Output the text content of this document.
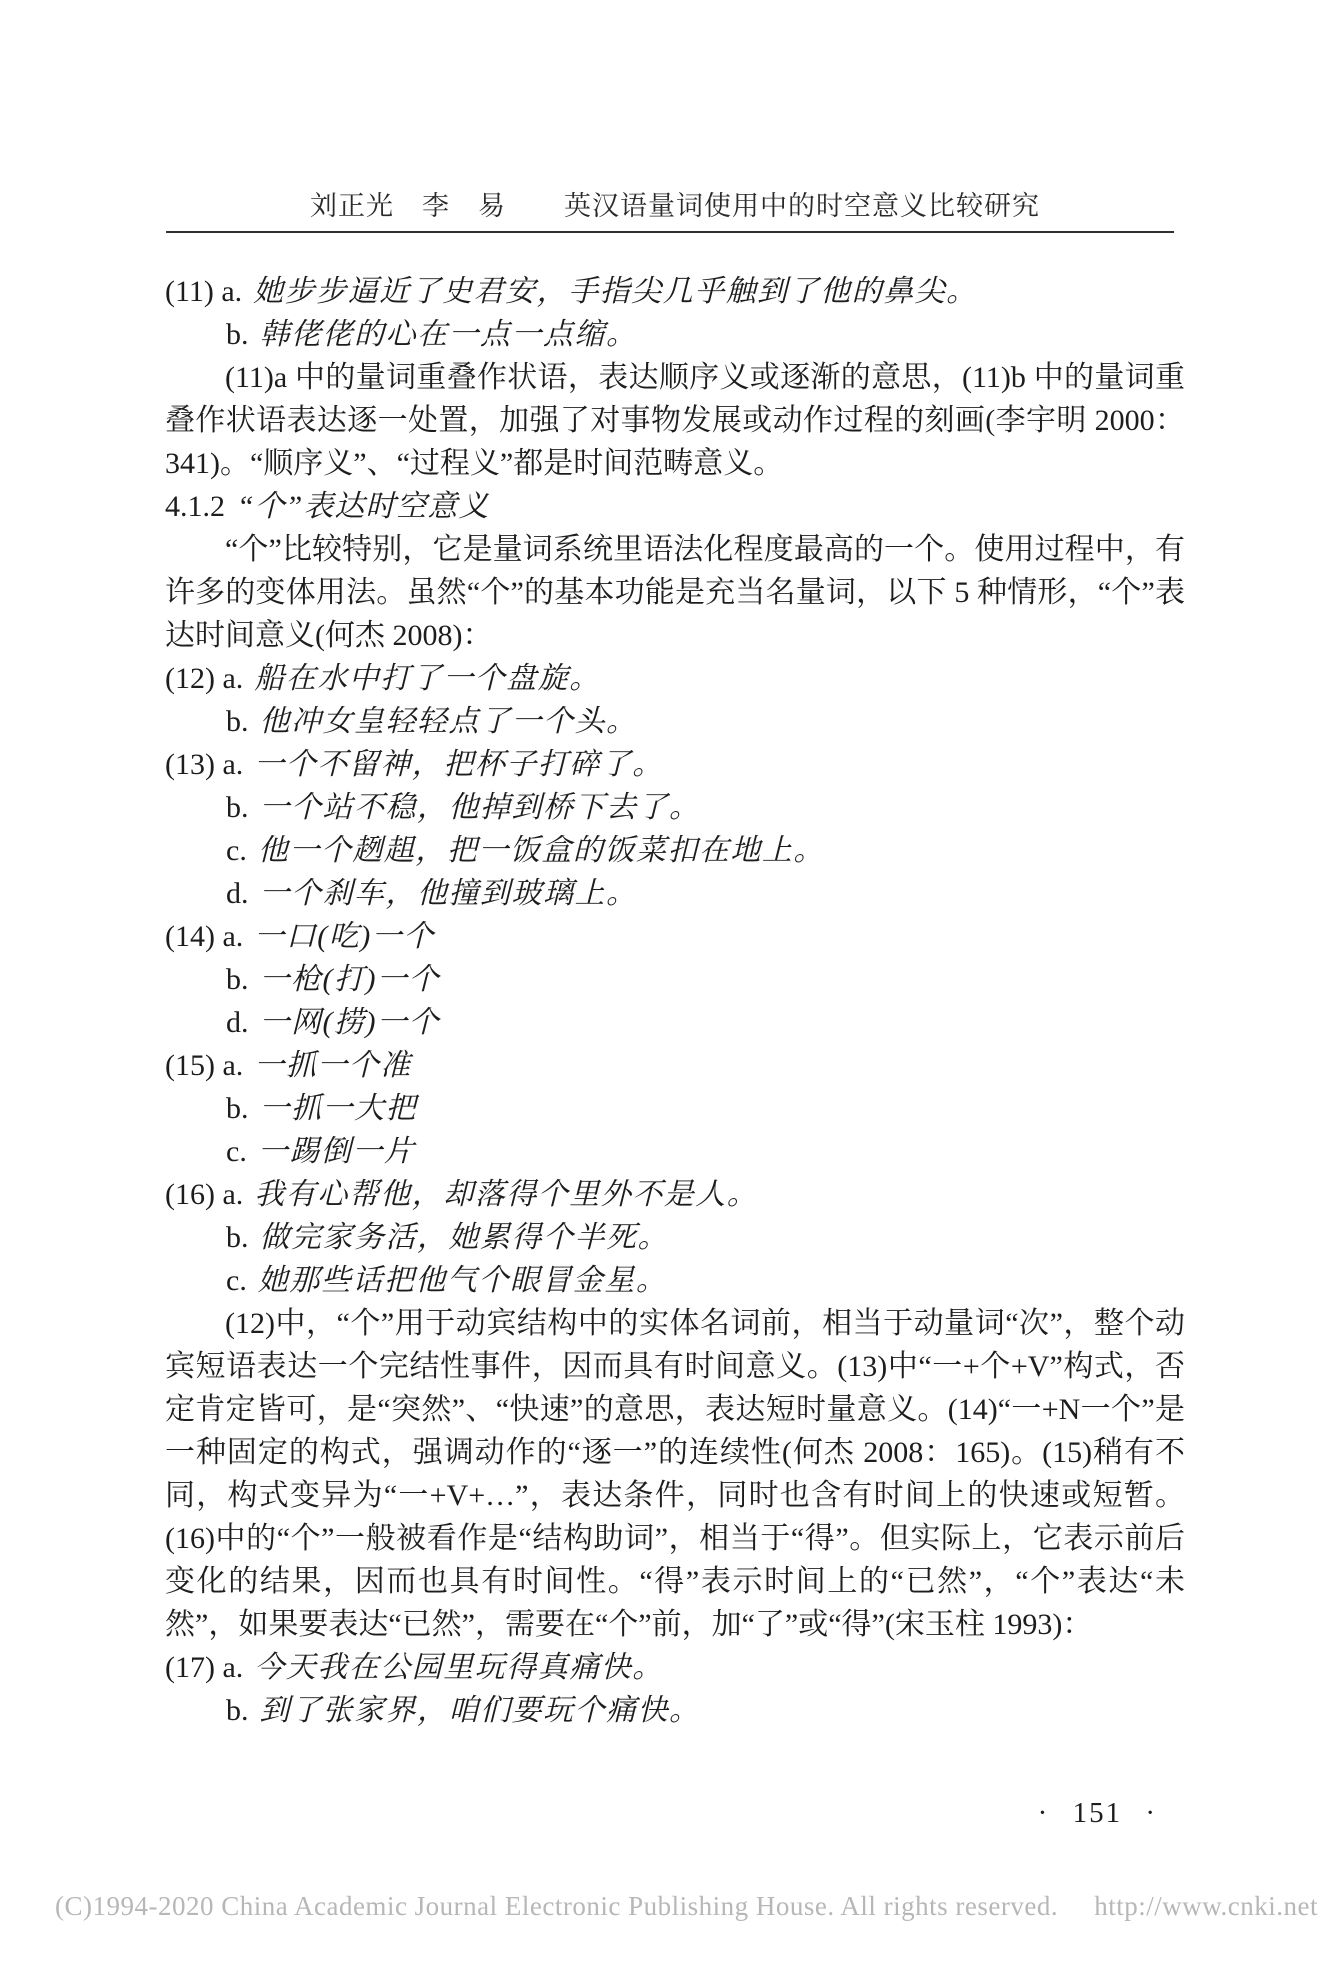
刘正光　李　易 英汉语量词使用中的时空意义比较研究
(11) a. 她步步逼近了史君安，手指尖几乎触到了他的鼻尖。
b. 韩佬佬的心在一点一点缩。

(11)a 中的量词重叠作状语，表达顺序义或逐渐的意思，(11)b 中的量词重叠作状语表达逐一处置，加强了对事物发展或动作过程的刻画(李宇明 2000：341)。“顺序义”、“过程义”都是时间范畴意义。

4.1.2 “个”表达时空意义

“个”比较特别，它是量词系统里语法化程度最高的一个。使用过程中，有许多的变体用法。虽然“个”的基本功能是充当名量词，以下 5 种情形，“个”表达时间意义(何杰 2008)：

(12) a. 船在水中打了一个盘旋。
b. 他冲女皇轻轻点了一个头。
(13) a. 一个不留神，把杯子打碎了。
b. 一个站不稳，他掉到桥下去了。
c. 他一个趔趄，把一饭盒的饭菜扣在地上。
d. 一个刹车，他撞到玻璃上。
(14) a. 一口(吃)一个
b. 一枪(打)一个
d. 一网(捞)一个
(15) a. 一抓一个准
b. 一抓一大把
c. 一踢倒一片
(16) a. 我有心帮他，却落得个里外不是人。
b. 做完家务活，她累得个半死。
c. 她那些话把他气个眼冒金星。

(12)中，“个”用于动宾结构中的实体名词前，相当于动量词“次”，整个动宾短语表达一个完结性事件，因而具有时间意义。(13)中“一+个+V”构式，否定肯定皆可，是“突然”、“快速”的意思，表达短时量意义。(14)“一+N一个”是一种固定的构式，强调动作的“逐一”的连续性(何杰 2008：165)。(15)稍有不同，构式变异为“一+V+…”，表达条件，同时也含有时间上的快速或短暂。(16)中的“个”一般被看作是“结构助词”，相当于“得”。但实际上，它表示前后变化的结果，因而也具有时间性。“得”表示时间上的“已然”，“个”表达“未然”，如果要表达“已然”，需要在“个”前，加“了”或“得”(宋玉柱 1993)：

(17) a. 今天我在公园里玩得真痛快。
b. 到了张家界，咱们要玩个痛快。
· 151 ·
(C)1994-2020 China Academic Journal Electronic Publishing House. All rights reserved. http://www.cnki.net
